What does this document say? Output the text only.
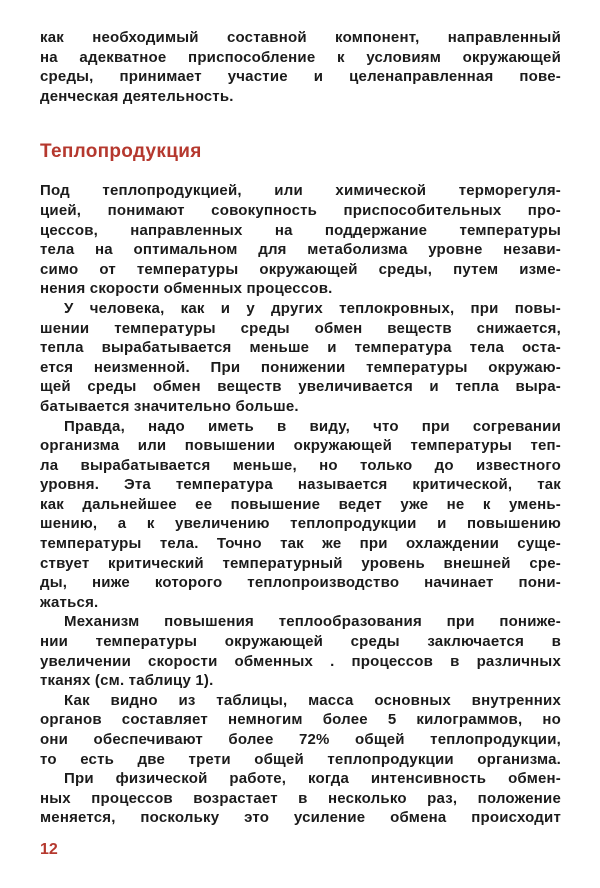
как необходимый составной компонент, направленный
на адекватное приспособление к условиям окружающей
среды, принимает участие и целенаправленная пове-
денческая деятельность.
Теплопродукция
Под теплопродукцией, или химической терморегуля-
цией, понимают совокупность приспособительных про-
цессов, направленных на поддержание температуры
тела на оптимальном для метаболизма уровне незави-
симо от температуры окружающей среды, путем изме-
нения скорости обменных процессов.
У человека, как и у других теплокровных, при повы-
шении температуры среды обмен веществ снижается,
тепла вырабатывается меньше и температура тела оста-
ется неизменной. При понижении температуры окружаю-
щей среды обмен веществ увеличивается и тепла выра-
батывается значительно больше.
Правда, надо иметь в виду, что при согревании
организма или повышении окружающей температуры теп-
ла вырабатывается меньше, но только до известного
уровня. Эта температура называется критической, так
как дальнейшее ее повышение ведет уже не к умень-
шению, а к увеличению теплопродукции и повышению
температуры тела. Точно так же при охлаждении суще-
ствует критический температурный уровень внешней сре-
ды, ниже которого теплопроизводство начинает пони-
жаться.
Механизм повышения теплообразования при пониже-
нии температуры окружающей среды заключается в
увеличении скорости обменных . процессов в различных
тканях (см. таблицу 1).
Как видно из таблицы, масса основных внутренних
органов составляет немногим более 5 килограммов, но
они обеспечивают более 72% общей теплопродукции,
то есть две трети общей теплопродукции организма.
При физической работе, когда интенсивность обмен-
ных процессов возрастает в несколько раз, положение
меняется, поскольку это усиление обмена происходит
12
